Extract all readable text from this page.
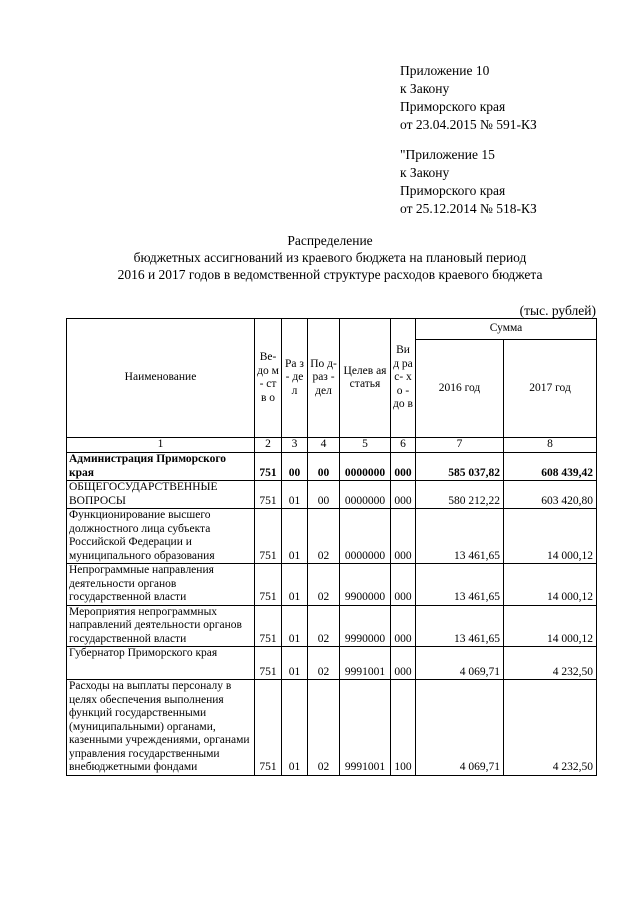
Приложение 10
к Закону
Приморского края
от 23.04.2015 № 591-КЗ
"Приложение 15
к Закону
Приморского края
от 25.12.2014 № 518-КЗ
Распределение
бюджетных ассигнований из краевого бюджета на плановый период
2016 и 2017 годов в ведомственной структуре расходов краевого бюджета
(тыс. рублей)
Наименование	Ве- до м- ств о	Ра з- де л	По д- раз - дел	Целев ая статья	Ви д ра с- хо - до в	Сумма	
						2016 год	2017 год
1	2	3	4	5	6	7	8
Администрация Приморского края	751	00	00	0000000	000	585 037,82	608 439,42
ОБЩЕГОСУДАРСТВЕННЫЕ ВОПРОСЫ	751	01	00	0000000	000	580 212,22	603 420,80
Функционирование высшего должностного лица субъекта Российской Федерации и муниципального образования	751	01	02	0000000	000	13 461,65	14 000,12
Непрограммные направления деятельности органов государственной власти	751	01	02	9900000	000	13 461,65	14 000,12
Мероприятия непрограммных направлений деятельности органов государственной власти	751	01	02	9990000	000	13 461,65	14 000,12
Губернатор Приморского края	751	01	02	9991001	000	4 069,71	4 232,50
Расходы на выплаты персоналу в целях обеспечения выполнения функций государственными (муниципальными) органами, казенными учреждениями, органами управления государственными внебюджетными фондами	751	01	02	9991001	100	4 069,71	4 232,50
